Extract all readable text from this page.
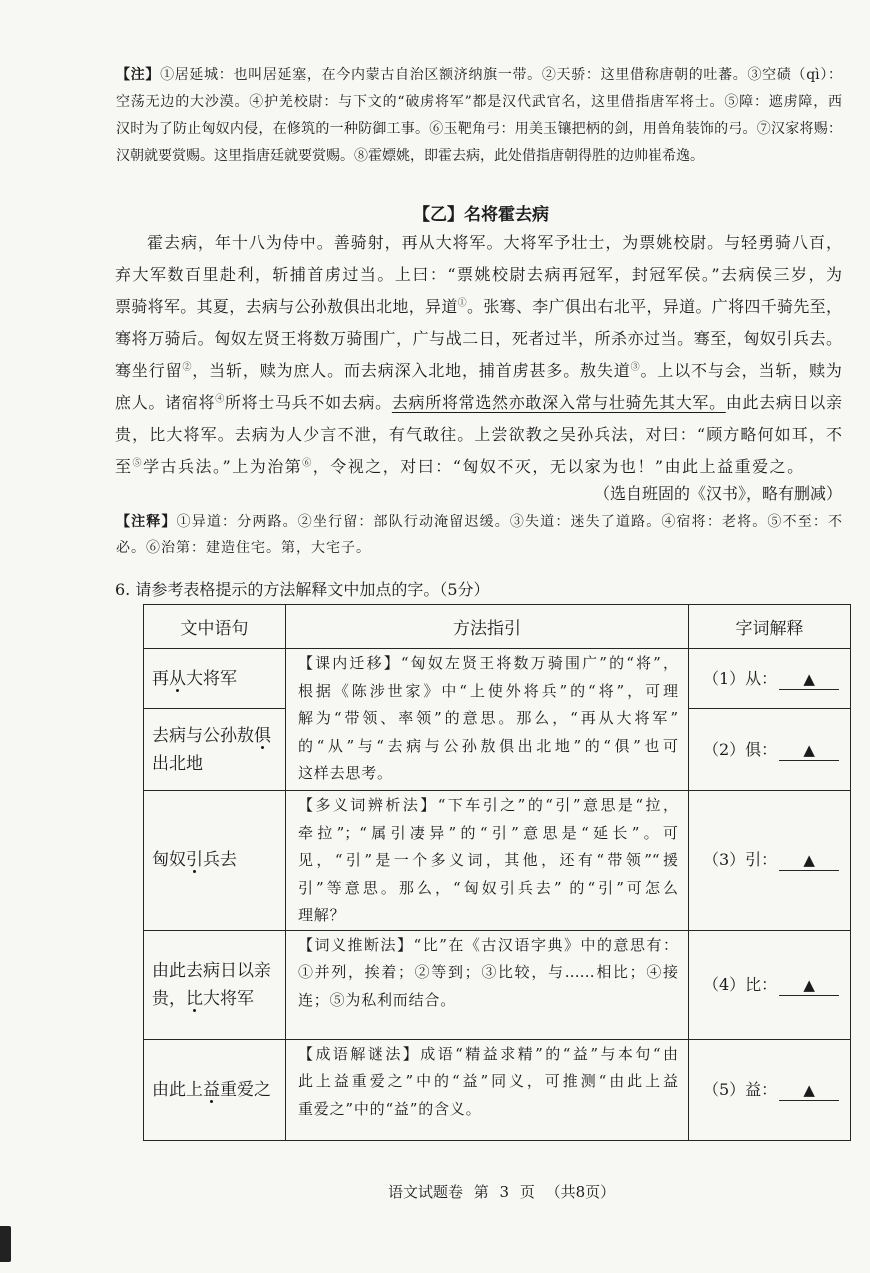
【注】①居延城：也叫居延塞，在今内蒙古自治区额济纳旗一带。②天骄：这里借称唐朝的吐蕃。③空碛（qì）：
空荡无边的大沙漠。④护羌校尉：与下文的“破虏将军”都是汉代武官名，这里借指唐军将士。⑤障：遮虏障，西
汉时为了防止匈奴内侵，在修筑的一种防御工事。⑥玉靶角弓：用美玉镶把柄的剑，用兽角装饰的弓。⑦汉家将赐：
汉朝就要赏赐。这里指唐廷就要赏赐。⑧霍嫖姚，即霍去病，此处借指唐朝得胜的边帅崔希逸。
【乙】名将霍去病
霍去病，年十八为侍中。善骑射，再从大将军。大将军予壮士，为票姚校尉。与轻勇骑八百，
弃大军数百里赴利，斩捕首虏过当。上曰：“票姚校尉去病再冠军，封冠军侯。”去病侯三岁，为
票骑将军。其夏，去病与公孙敖俱出北地，异道①。张骞、李广俱出右北平，异道。广将四千骑先至，
骞将万骑后。匈奴左贤王将数万骑围广，广与战二日，死者过半，所杀亦过当。骞至，匈奴引兵去。
骞坐行留②，当斩，赎为庶人。而去病深入北地，捕首虏甚多。敖失道③。上以不与会，当斩，赎为
庶人。诸宿将④所将士马兵不如去病。去病所将常选然亦敢深入常与壮骑先其大军。由此去病日以亲
贵，比大将军。去病为人少言不泄，有气敢往。上尝欲教之吴孙兵法，对曰：“顾方略何如耳，不
至⑤学古兵法。”上为治第⑥，令视之，对曰：“匈奴不灭，无以家为也！”由此上益重爱之。
（选自班固的《汉书》，略有删减）
【注释】①异道：分两路。②坐行留：部队行动淹留迟缓。③失道：迷失了道路。④宿将：老将。⑤不至：不
必。⑥治第：建造住宅。第，大宅子。
6. 请参考表格提示的方法解释文中加点的字。（5分）
文中语句	方法指引	字词解释
再从大将军	【课内迁移】“匈奴左贤王将数万骑围广”的“将”，
根据《陈涉世家》中“上使外将兵”的“将”，可理
解为“带领、率领”的意思。那么，“再从大将军”
的“从”与“去病与公孙敖俱出北地”的“俱”也可
这样去思考。	（1）从： ▲
去病与公孙敖俱出北地		（2）俱： ▲
匈奴引兵去	【多义词辨析法】“下车引之”的“引”意思是“拉，
牵拉”；“属引凄异”的“引”意思是“延长”。可
见，“引”是一个多义词，其他，还有“带领”“援
引”等意思。那么，“匈奴引兵去” 的“引”可怎么
理解？	（3）引： ▲
由此去病日以亲贵，比大将军	【词义推断法】“比”在《古汉语字典》中的意思有：
①并列，挨着；②等到；③比较，与……相比；④接
连；⑤为私利而结合。	（4）比： ▲
由此上益重爱之	【成语解谜法】成语“精益求精”的“益”与本句“由
此上益重爱之”中的“益”同义，可推测“由此上益
重爱之”中的“益”的含义。	（5）益： ▲
语文试题卷 第 3 页 （共8页）
